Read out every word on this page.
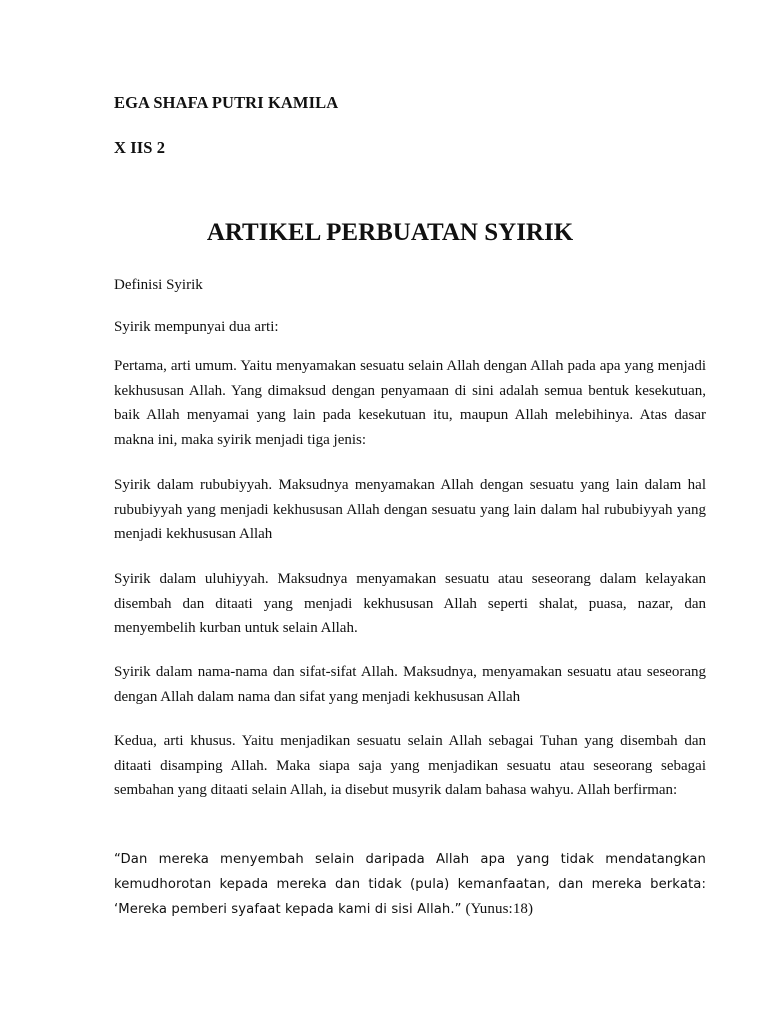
EGA SHAFA PUTRI KAMILA

X IIS 2

ARTIKEL PERBUATAN SYIRIK

Definisi Syirik

Syirik mempunyai dua arti:

Pertama, arti umum. Yaitu menyamakan sesuatu selain Allah dengan Allah pada apa yang menjadi kekhususan Allah. Yang dimaksud dengan penyamaan di sini adalah semua bentuk kesekutuan, baik Allah menyamai yang lain pada kesekutuan itu, maupun Allah melebihinya. Atas dasar makna ini, maka syirik menjadi tiga jenis:

Syirik dalam rububiyyah. Maksudnya menyamakan Allah dengan sesuatu yang lain dalam hal rububiyyah yang menjadi kekhususan Allah dengan sesuatu yang lain dalam hal rububiyyah yang menjadi kekhususan Allah

Syirik dalam uluhiyyah. Maksudnya menyamakan sesuatu atau seseorang dalam kelayakan disembah dan ditaati yang menjadi kekhususan Allah seperti shalat, puasa, nazar, dan menyembelih kurban untuk selain Allah.

Syirik dalam nama-nama dan sifat-sifat Allah. Maksudnya, menyamakan sesuatu atau seseorang dengan Allah dalam nama dan sifat yang menjadi kekhususan Allah

Kedua, arti khusus. Yaitu menjadikan sesuatu selain Allah sebagai Tuhan yang disembah dan ditaati disamping Allah. Maka siapa saja yang menjadikan sesuatu atau seseorang sebagai sembahan yang ditaati selain Allah, ia disebut musyrik dalam bahasa wahyu. Allah berfirman:

“Dan mereka menyembah selain daripada Allah apa yang tidak mendatangkan kemudhorotan kepada mereka dan tidak (pula) kemanfaatan, dan mereka berkata: ‘Mereka pemberi syafaat kepada kami di sisi Allah.” (Yunus:18)
